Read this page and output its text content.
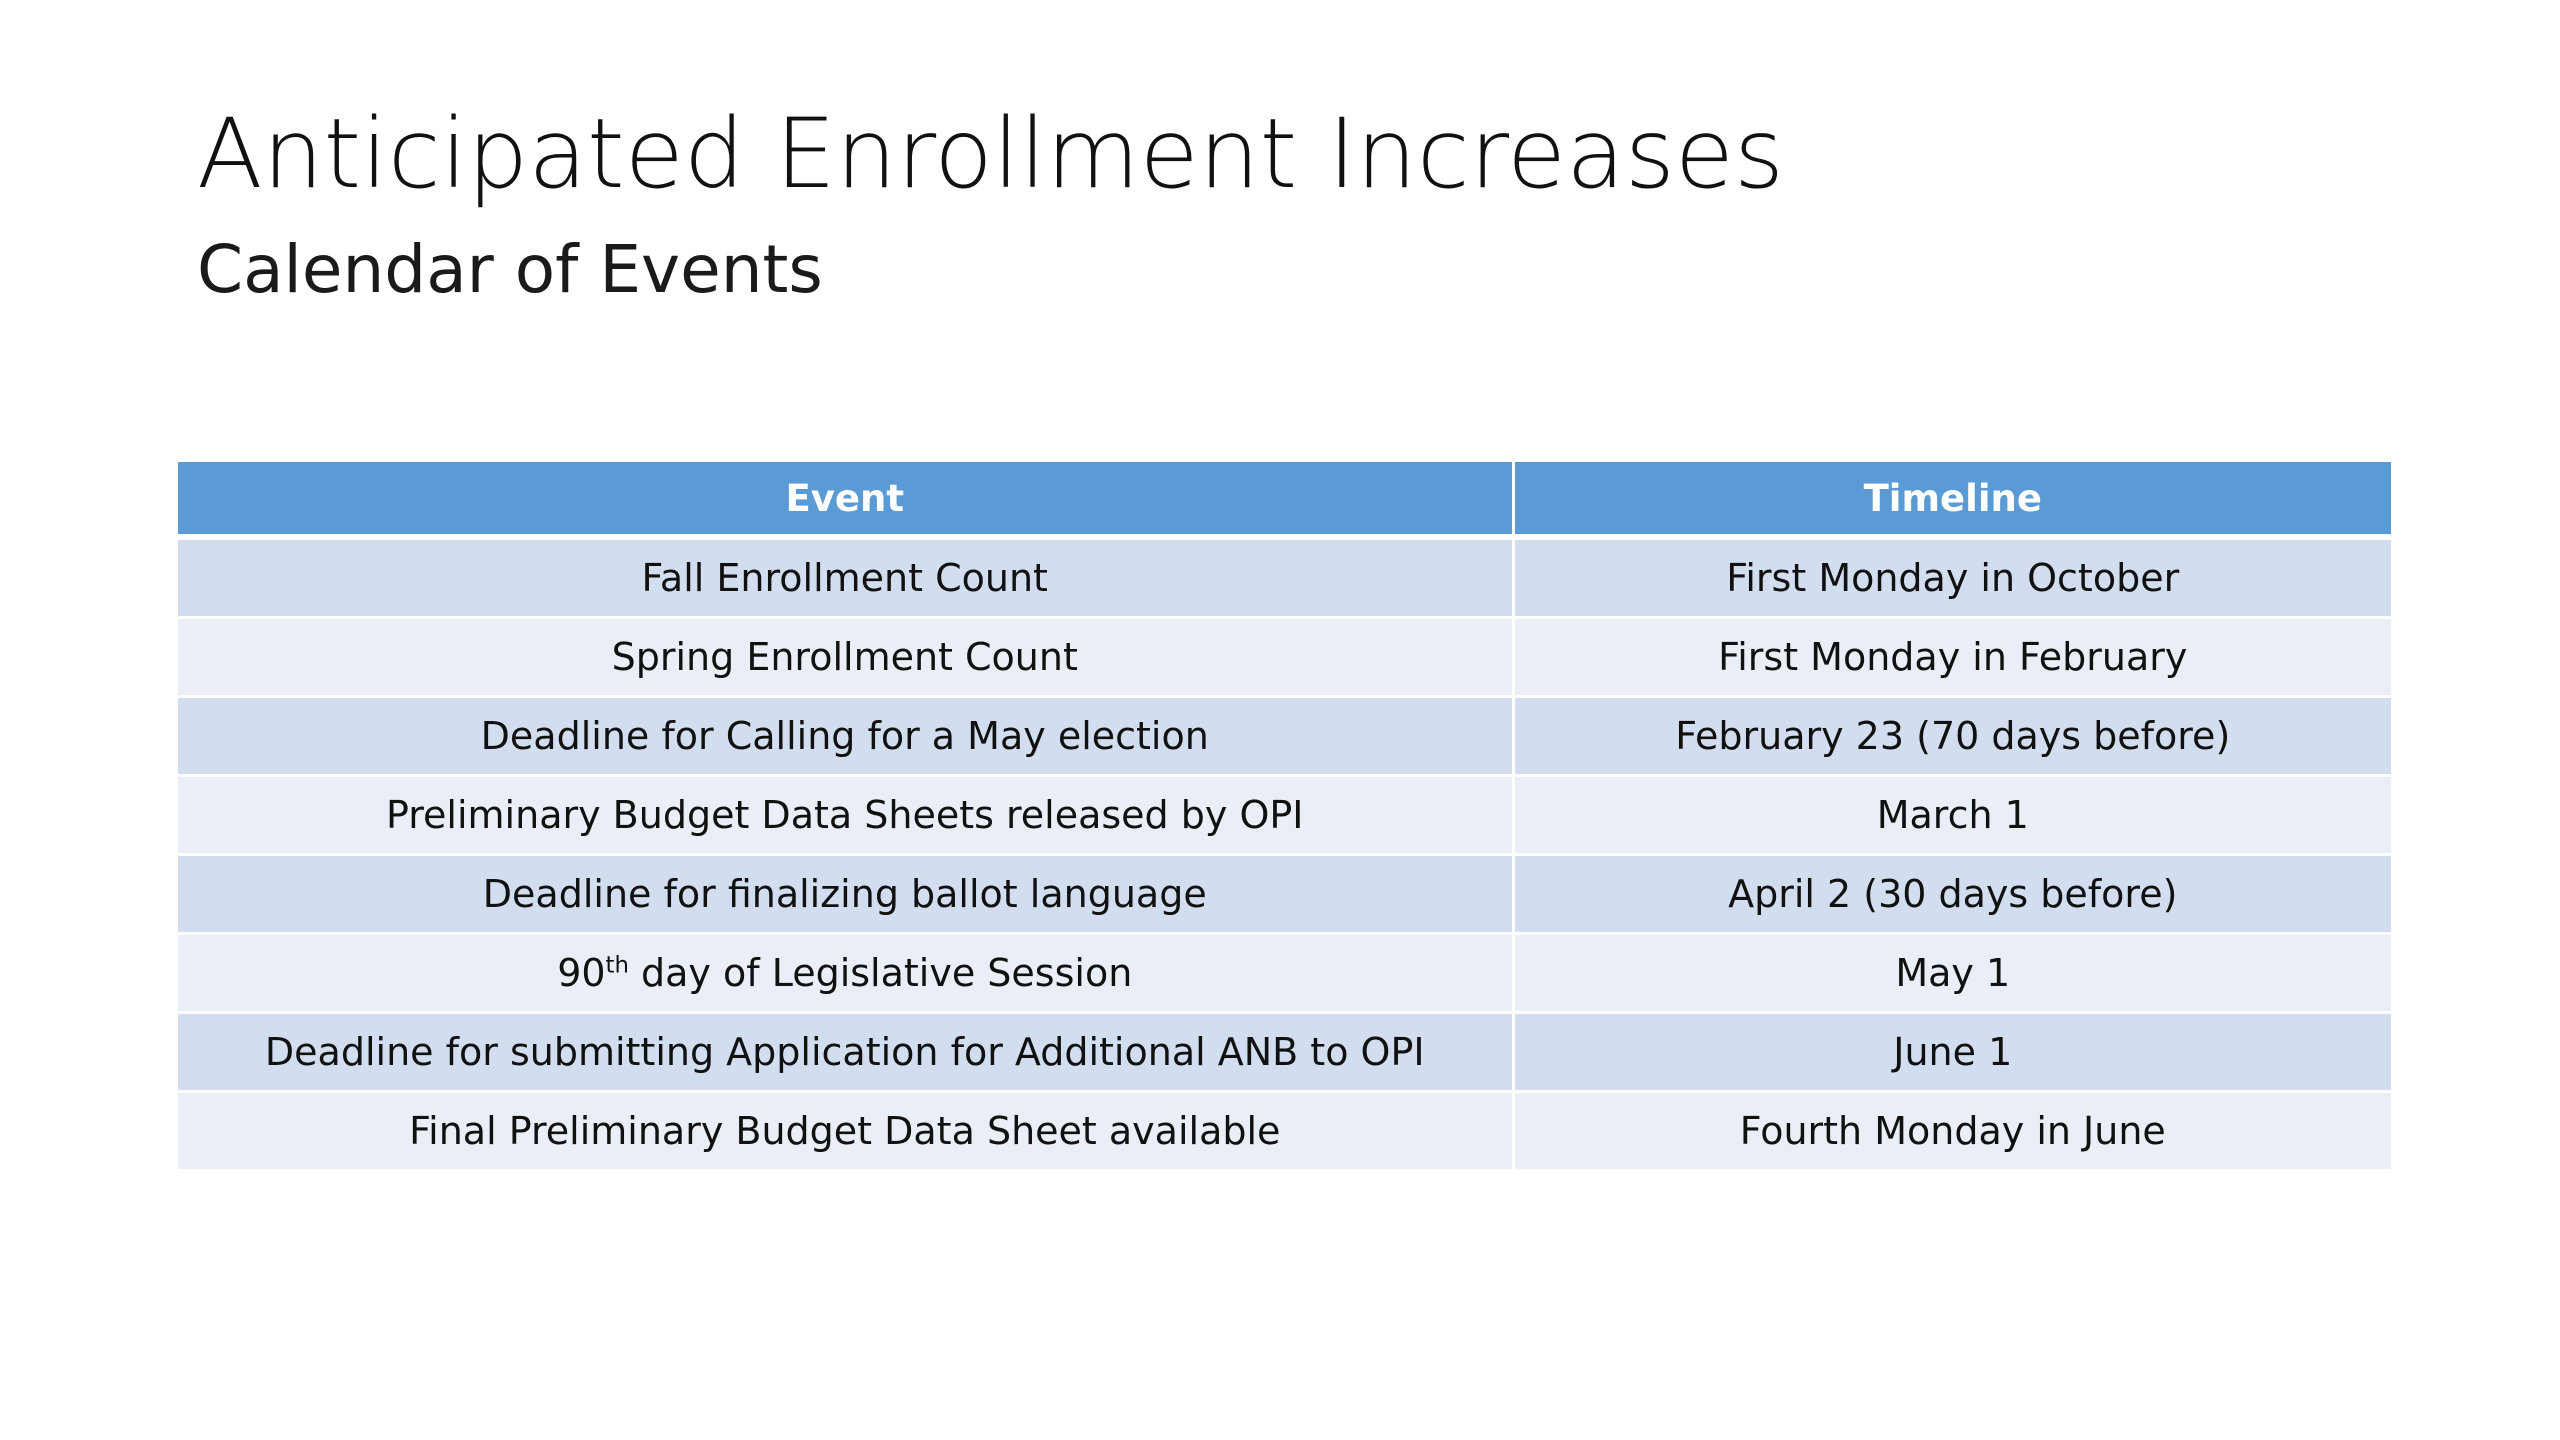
Anticipated Enrollment Increases
Calendar of Events
Event	Timeline
Fall Enrollment Count	First Monday in October
Spring Enrollment Count	First Monday in February
Deadline for Calling for a May election	February 23 (70 days before)
Preliminary Budget Data Sheets released by OPI	March 1
Deadline for finalizing ballot language	April 2 (30 days before)
90th day of Legislative Session	May 1
Deadline for submitting Application for Additional ANB to OPI	June 1
Final Preliminary Budget Data Sheet available	Fourth Monday in June
